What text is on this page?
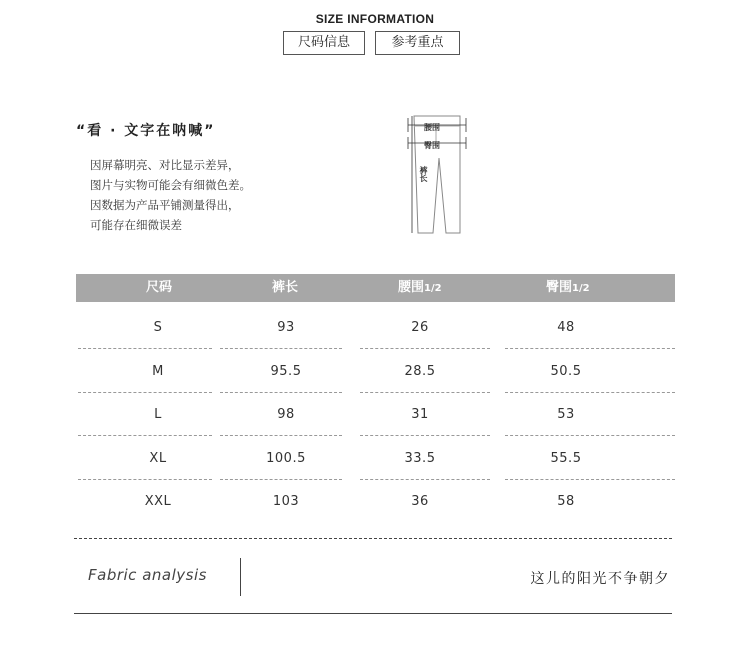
SIZE INFORMATION
尺码信息	参考重点
“看 · 文字在呐喊”
因屏幕明亮、对比显示差异，
图片与实物可能会有细微色差。
因数据为产品平铺测量得出，
可能存在细微误差
腰围
臀围
裤长
尺码	裤长	腰围1/2	臀围1/2
S	93	26	48
M	95.5	28.5	50.5
L	98	31	53
XL	100.5	33.5	55.5
XXL	103	36	58
Fabric analysis	这儿的阳光不争朝夕
